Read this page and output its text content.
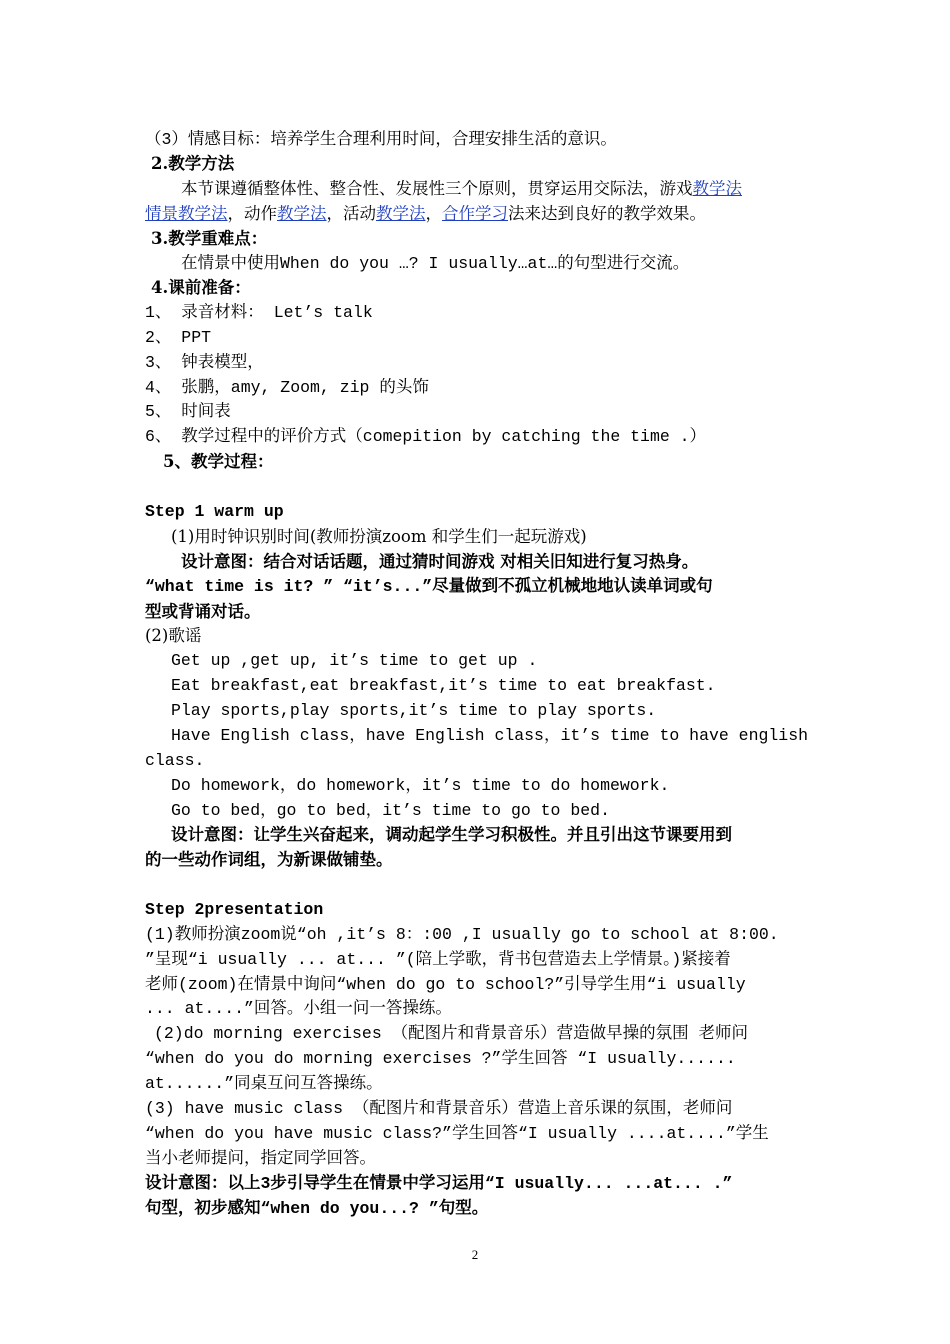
（3）情感目标：培养学生合理利用时间，合理安排生活的意识。
2.教学方法
本节课遵循整体性、整合性、发展性三个原则，贯穿运用交际法，游戏教学法
情景教学法，动作教学法，活动教学法，合作学习法来达到良好的教学效果。
3.教学重难点：
在情景中使用When do you …? I usually…at…的句型进行交流。
4.课前准备：
1、 录音材料： Let’s talk
2、 PPT
3、 钟表模型，
4、 张鹏，amy, Zoom, zip 的头饰
5、 时间表
6、 教学过程中的评价方式（comepition by catching the time .）
5、教学过程：
Step 1 warm up
(1)用时钟识别时间(教师扮演zoom 和学生们一起玩游戏)
设计意图：结合对话话题，通过猜时间游戏 对相关旧知进行复习热身。
“what time is it? ” “it’s...”尽量做到不孤立机械地地认读单词或句
型或背诵对话。
(2)歌谣
Get up ,get up, it’s time to get up .
Eat breakfast,eat breakfast,it’s time to eat breakfast.
Play sports,play sports,it’s time to play sports.
Have English class，have English class，it’s time to have english
class.
Do homework，do homework，it’s time to do homework.
Go to bed，go to bed，it’s time to go to bed.
设计意图：让学生兴奋起来，调动起学生学习积极性。并且引出这节课要用到
的一些动作词组，为新课做铺垫。
Step 2presentation
(1)教师扮演zoom说“oh ,it’s 8：:00 ,I usually go to school at 8:00.
”呈现“i usually ... at... ”(陪上学歌，背书包营造去上学情景。)紧接着
老师(zoom)在情景中询问“when do go to school?”引导学生用“i usually
... at....”回答。小组一问一答操练。
(2)do morning exercises （配图片和背景音乐）营造做早操的氛围 老师问
“when do you do morning exercises ?”学生回答 “I usually......
at......”同桌互问互答操练。
(3) have music class （配图片和背景音乐）营造上音乐课的氛围，老师问
“when do you have music class?”学生回答“I usually ....at....”学生
当小老师提问，指定同学回答。
设计意图：以上3步引导学生在情景中学习运用“I usually... ...at... .”
句型，初步感知“when do you...? ”句型。
2
